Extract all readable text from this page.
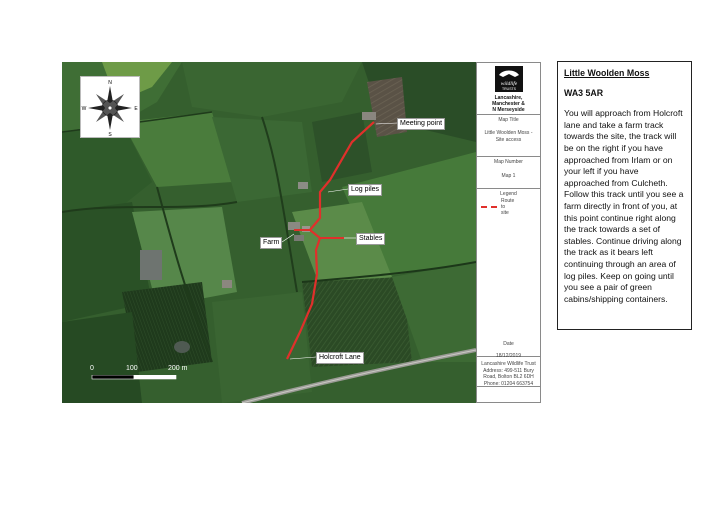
N
S
E
W
Meeting point
Log piles
Stables
Farm
Holcroft Lane
0	100	200 m
wildlife
TRUSTS
Lancashire,
Manchester &
N Merseyside
Map Title
Little Woolden Moss - Site access
Map Number
Map 1
Legend
Route
to
site
Date
18/12/2019
Lancashire Wildlife Trust
Address: 499-511 Bury
Road, Bolton BL2 6DH
Phone: 01204 663754
Little Woolden Moss
WA3 5AR

You will approach from Holcroft lane and take a farm track towards the site, the track will be on the right if you have approached from Irlam or on your left if you have approached from Culcheth. Follow this track until you see a farm directly in front of you, at this point continue right along the track towards a set of stables. Continue driving along the track as it bears left continuing through an area of log piles. Keep on going until you see a pair of green cabins/shipping containers.
